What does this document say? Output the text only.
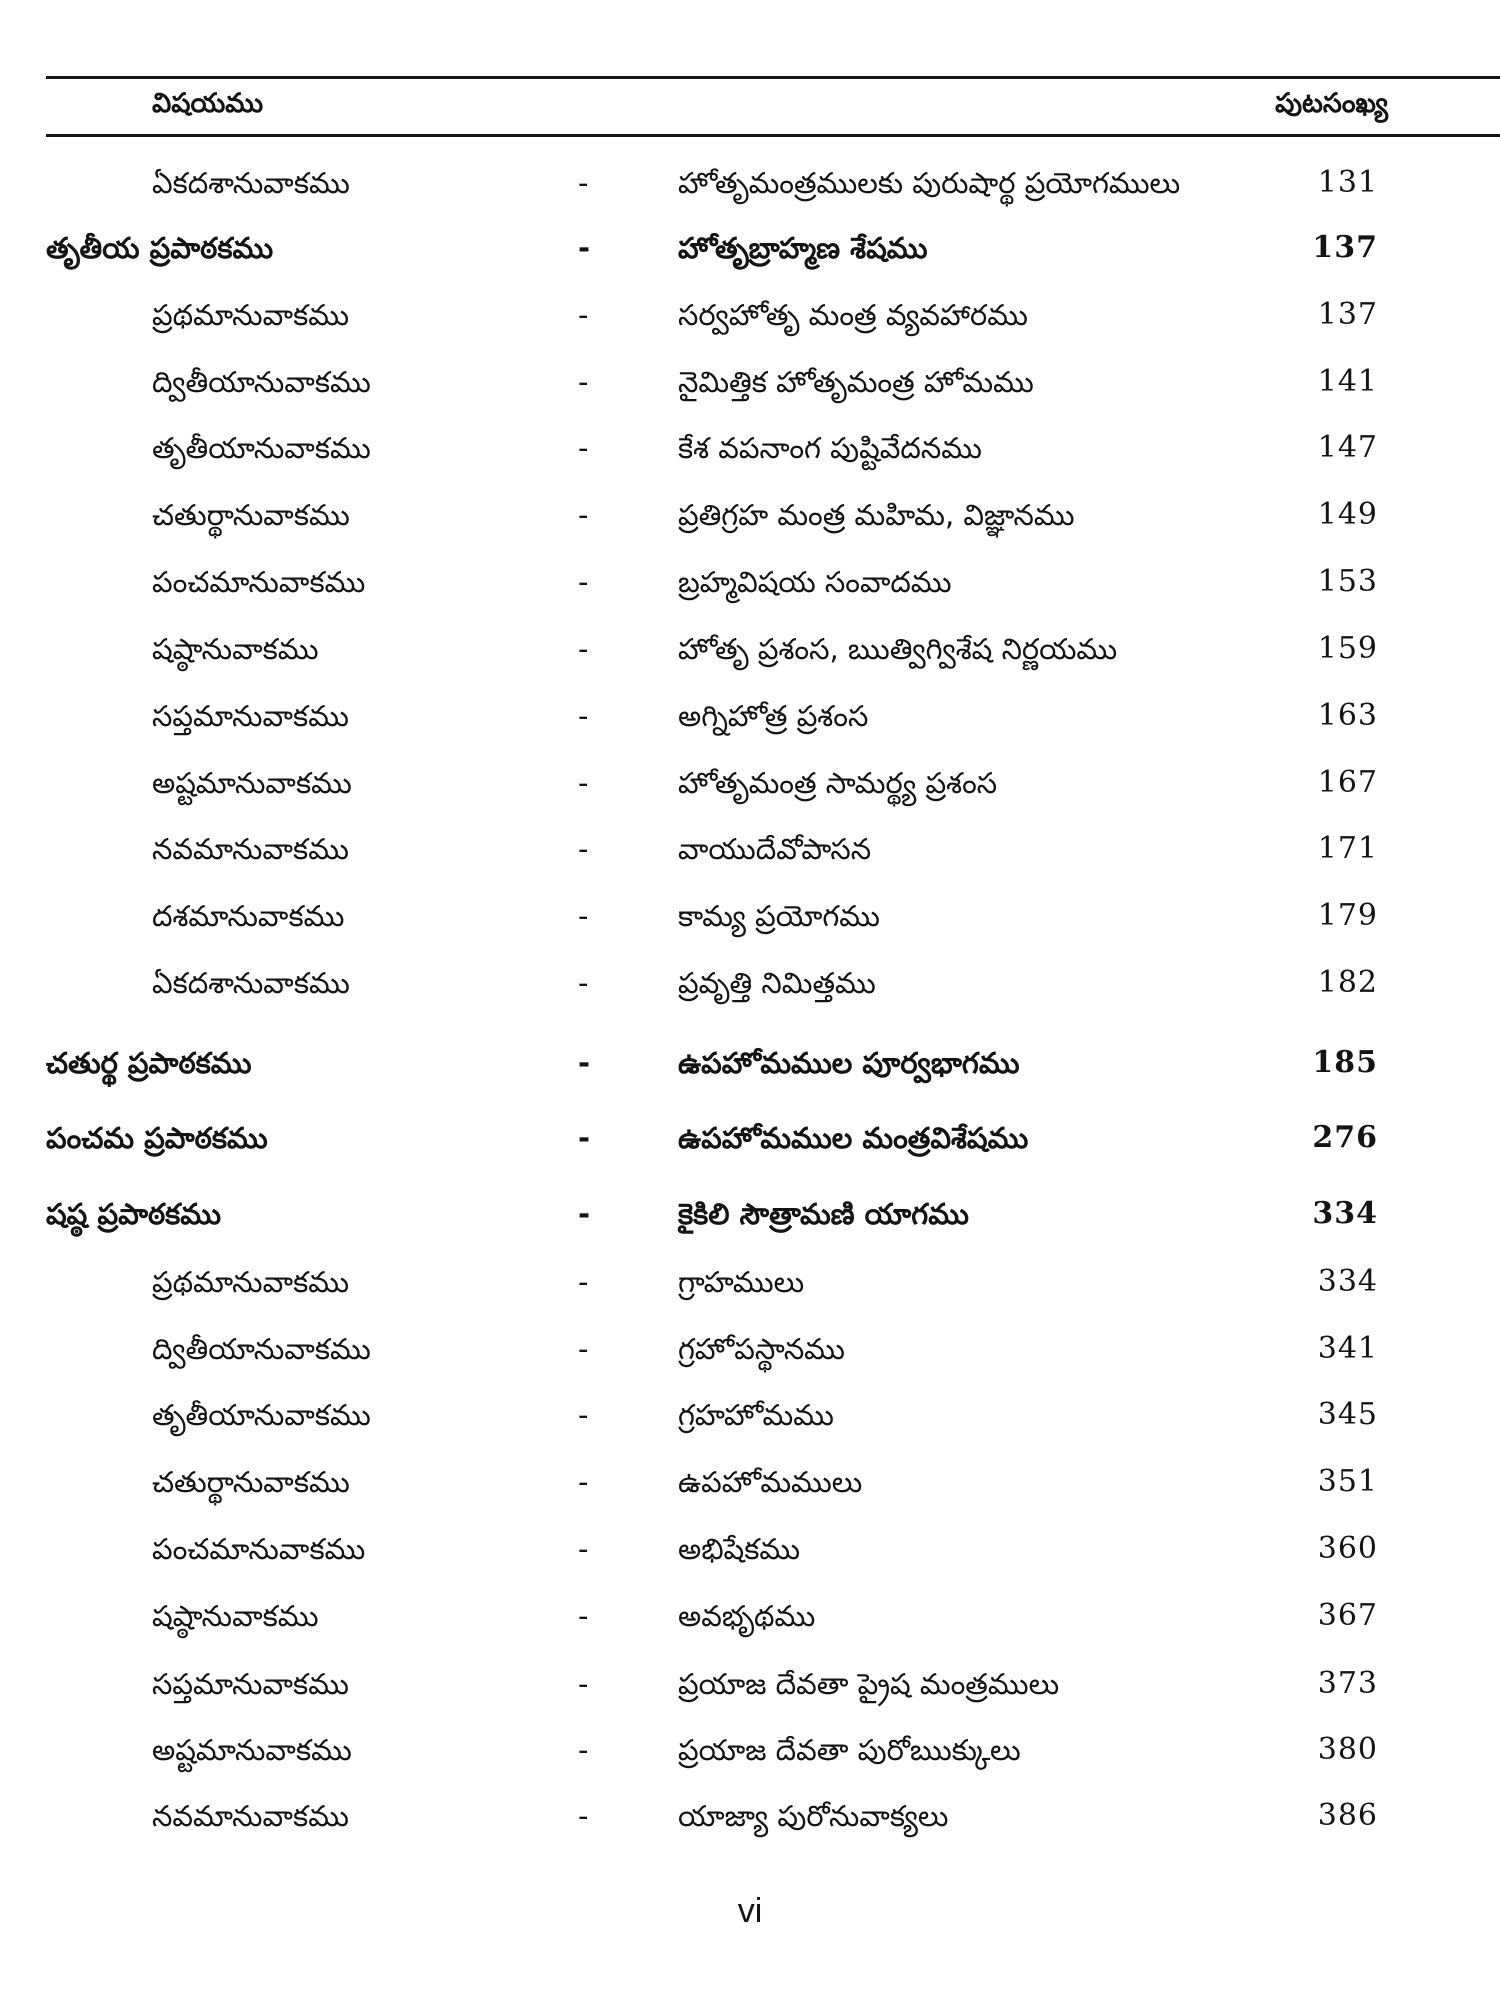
విషయము	పుటసంఖ్య
ఏకదశానువాకము	-	హోతృమంత్రములకు పురుషార్థ ప్రయోగములు	131
తృతీయ ప్రపాఠకము	-	హోతృబ్రాహ్మణ శేషము	137
ప్రథమానువాకము	-	సర్వహోతృ మంత్ర వ్యవహారము	137
ద్వితీయానువాకము	-	నైమిత్తిక హోతృమంత్ర హోమము	141
తృతీయానువాకము	-	కేశ వపనాంగ పుష్టివేదనము	147
చతుర్థానువాకము	-	ప్రతిగ్రహ మంత్ర మహిమ, విజ్ఞానము	149
పంచమానువాకము	-	బ్రహ్మవిషయ సంవాదము	153
షష్ఠానువాకము	-	హోతృ ప్రశంస, ఋత్విగ్విశేష నిర్ణయము	159
సప్తమానువాకము	-	అగ్నిహోత్ర ప్రశంస	163
అష్టమానువాకము	-	హోతృమంత్ర సామర్థ్య ప్రశంస	167
నవమానువాకము	-	వాయుదేవోపాసన	171
దశమానువాకము	-	కామ్య ప్రయోగము	179
ఏకదశానువాకము	-	ప్రవృత్తి నిమిత్తము	182
చతుర్థ ప్రపాఠకము	-	ఉపహోమముల పూర్వభాగము	185
పంచమ ప్రపాఠకము	-	ఉపహోమముల మంత్రవిశేషము	276
షష్ఠ ప్రపాఠకము	-	కైకిలి సౌత్రామణి యాగము	334
ప్రథమానువాకము	-	గ్రాహములు	334
ద్వితీయానువాకము	-	గ్రహోపస్థానము	341
తృతీయానువాకము	-	గ్రహహోమము	345
చతుర్థానువాకము	-	ఉపహోమములు	351
పంచమానువాకము	-	అభిషేకము	360
షష్ఠానువాకము	-	అవభృథము	367
సప్తమానువాకము	-	ప్రయాజ దేవతా ప్రైష మంత్రములు	373
అష్టమానువాకము	-	ప్రయాజ దేవతా పురోఋక్కులు	380
నవమానువాకము	-	యాజ్యా పురోనువాక్యలు	386
vi
